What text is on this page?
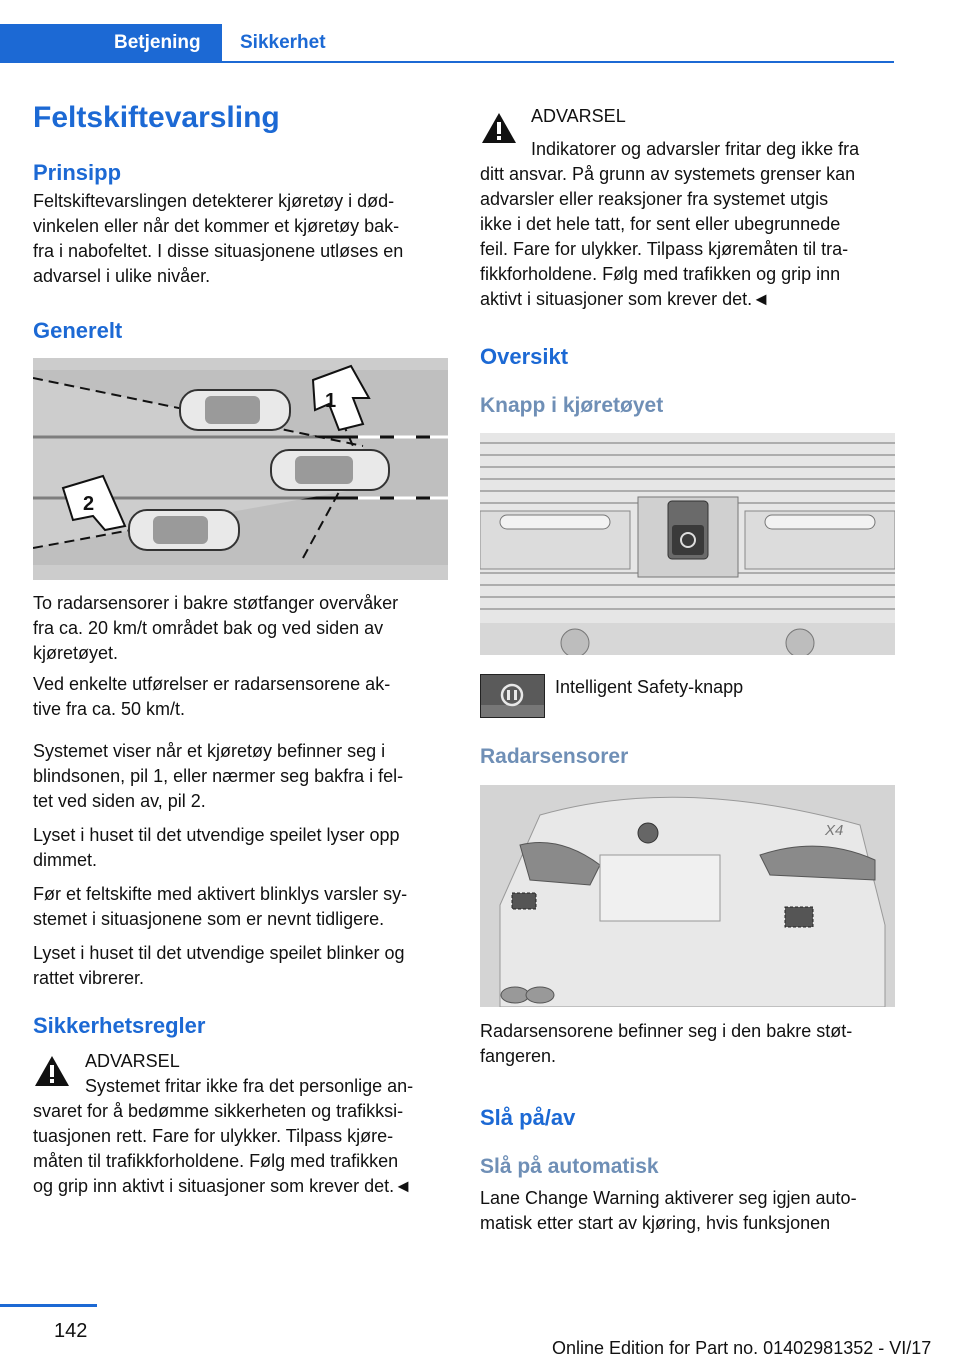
Betjening Sikkerhet
Feltskiftevarsling
Prinsipp
Feltskiftevarslingen detekterer kjøretøy i død-
vinkelen eller når det kommer et kjøretøy bak-
fra i nabofeltet. I disse situasjonene utløses en
advarsel i ulike nivåer.
Generelt
1
2
To radarsensorer i bakre støtfanger overvåker
fra ca. 20 km/t området bak og ved siden av
kjøretøyet.
Ved enkelte utførelser er radarsensorene ak-
tive fra ca. 50 km/t.
Systemet viser når et kjøretøy befinner seg i
blindsonen, pil 1, eller nærmer seg bakfra i fel-
tet ved siden av, pil 2.
Lyset i huset til det utvendige speilet lyser opp
dimmet.
Før et feltskifte med aktivert blinklys varsler sy-
stemet i situasjonene som er nevnt tidligere.
Lyset i huset til det utvendige speilet blinker og
rattet vibrerer.
Sikkerhetsregler
ADVARSEL
Systemet fritar ikke fra det personlige an-
svaret for å bedømme sikkerheten og trafikksi-
tuasjonen rett. Fare for ulykker. Tilpass kjøre-
måten til trafikkforholdene. Følg med trafikken
og grip inn aktivt i situasjoner som krever det.◄
ADVARSEL
Indikatorer og advarsler fritar deg ikke fra
ditt ansvar. På grunn av systemets grenser kan
advarsler eller reaksjoner fra systemet utgis
ikke i det hele tatt, for sent eller ubegrunnede
feil. Fare for ulykker. Tilpass kjøremåten til tra-
fikkforholdene. Følg med trafikken og grip inn
aktivt i situasjoner som krever det.◄
Oversikt
Knapp i kjøretøyet
Intelligent Safety-knapp
Radarsensorer
X4
Radarsensorene befinner seg i den bakre støt-
fangeren.
Slå på/av
Slå på automatisk
Lane Change Warning aktiverer seg igjen auto-
matisk etter start av kjøring, hvis funksjonen
142
Online Edition for Part no. 01402981352 - VI/17
